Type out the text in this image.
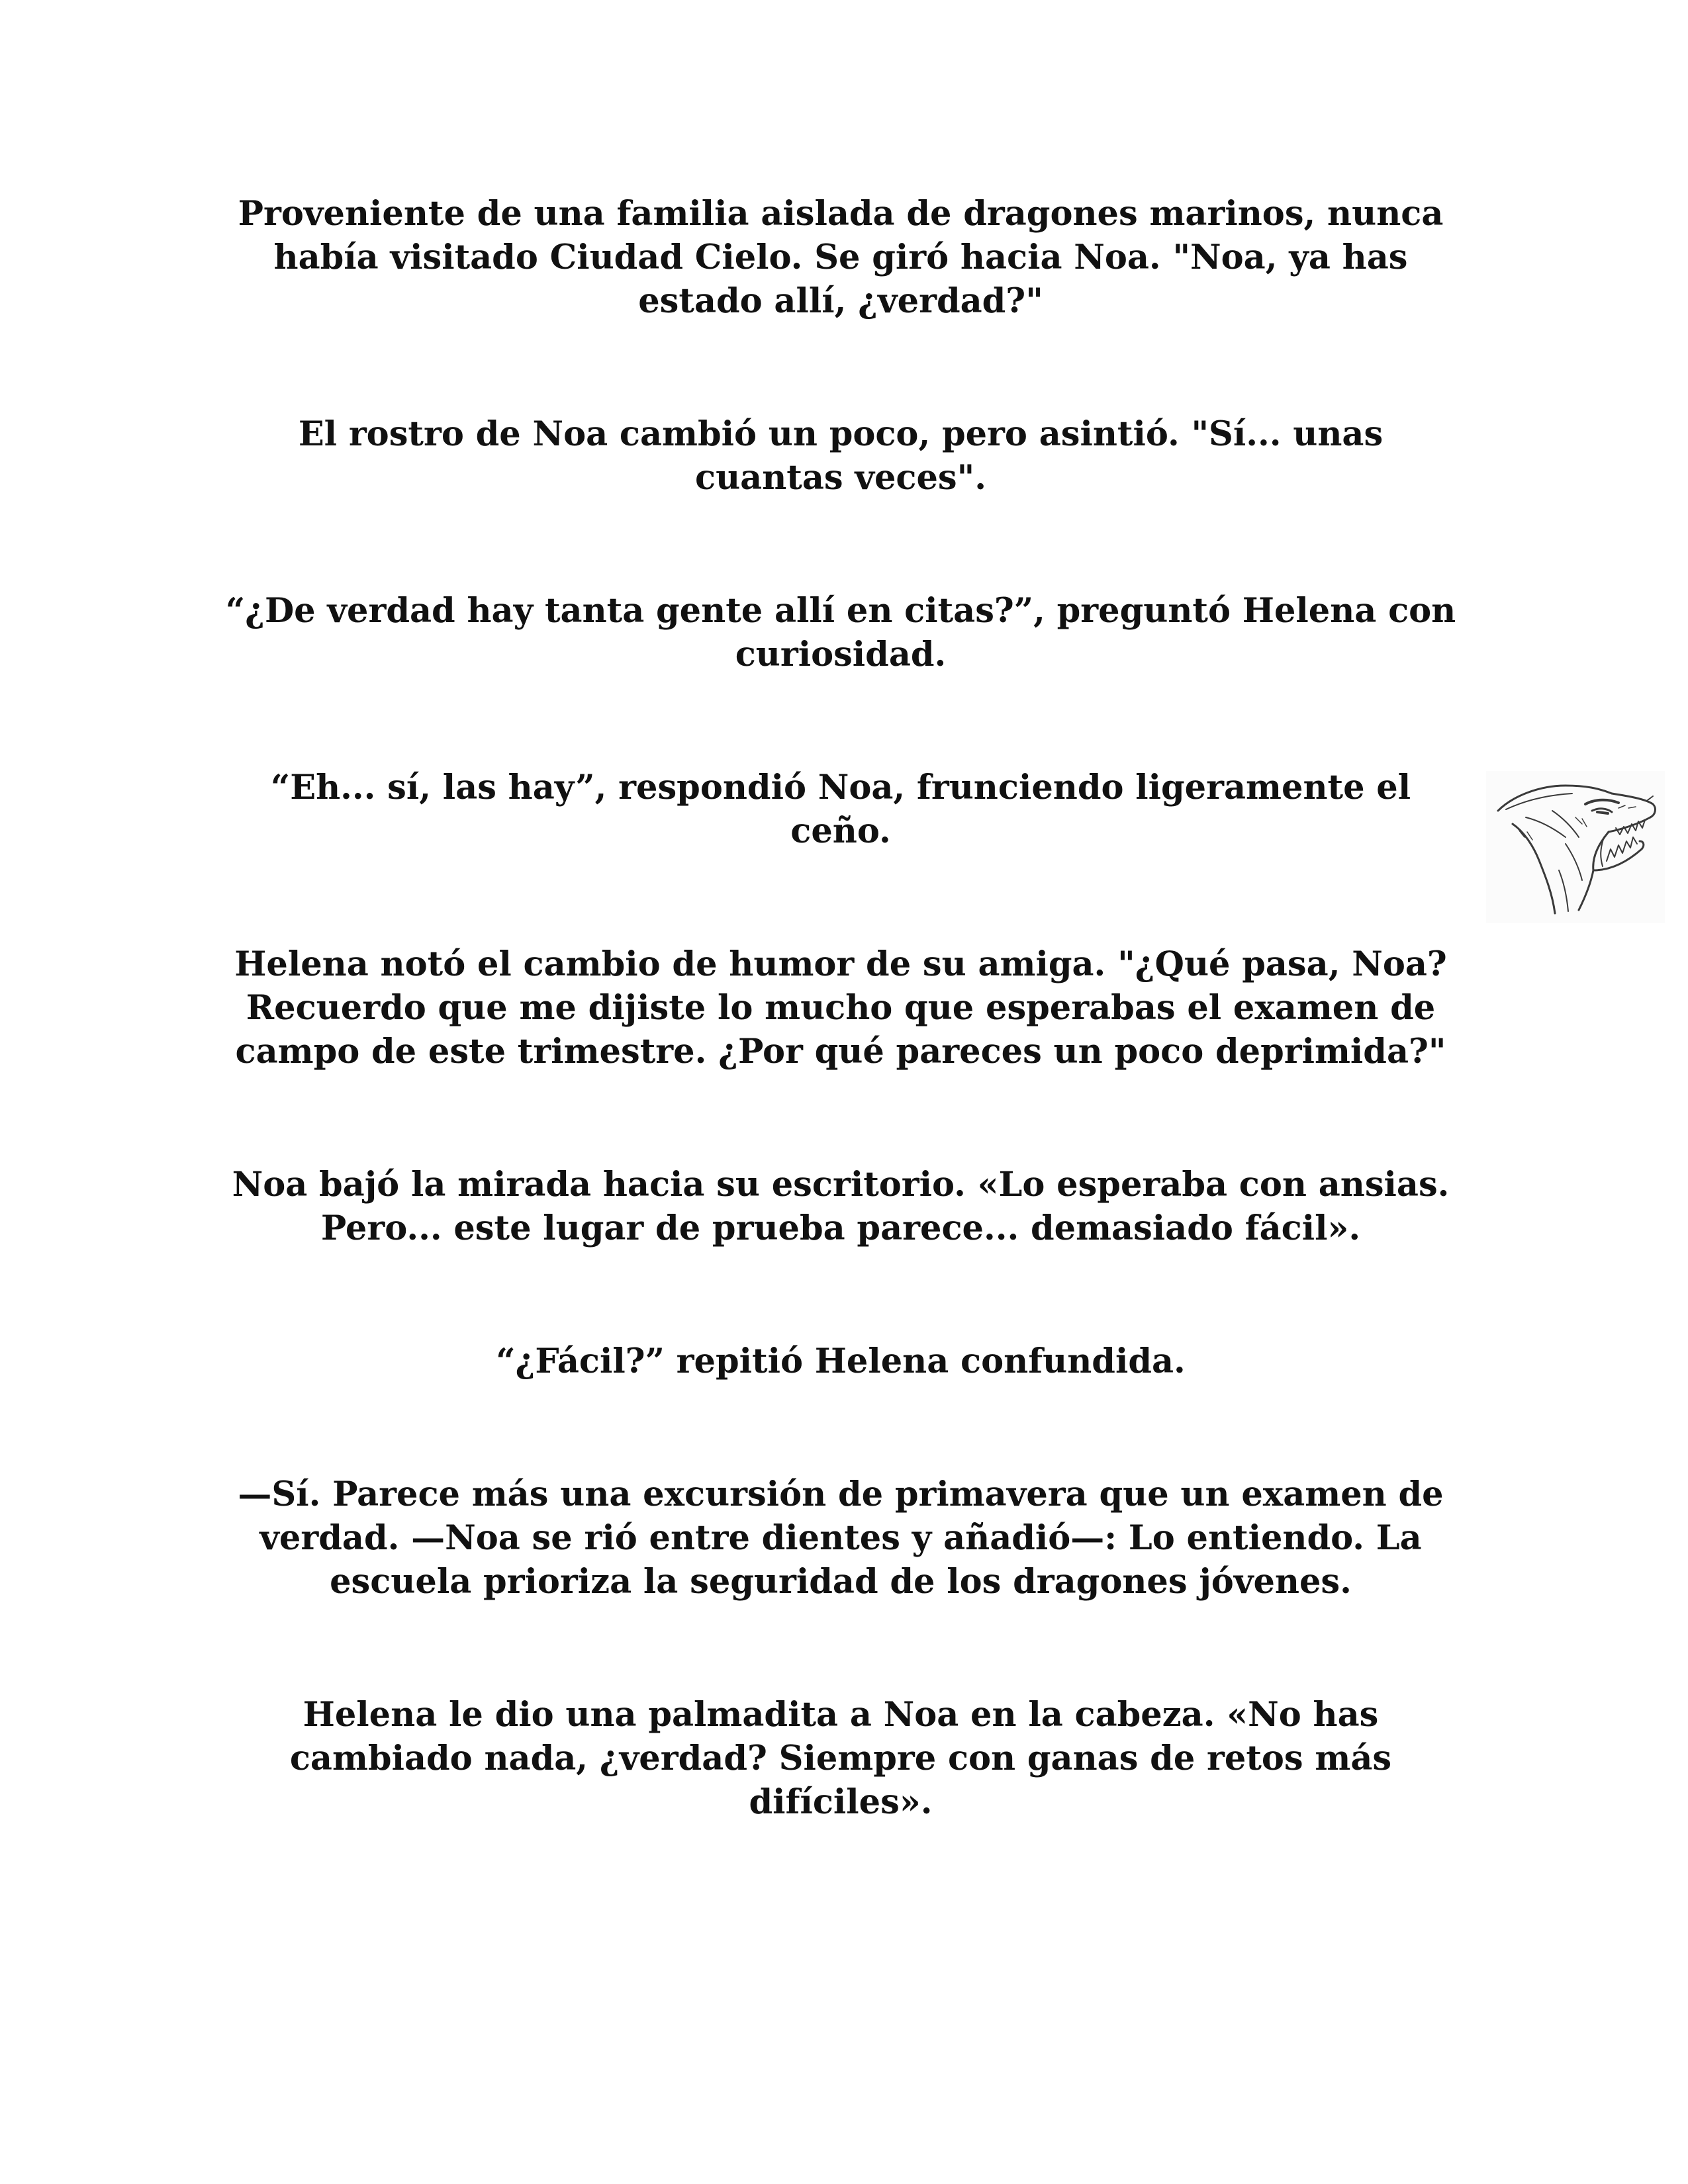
Proveniente de una familia aislada de dragones marinos, nunca había visitado Ciudad Cielo. Se giró hacia Noa. "Noa, ya has estado allí, ¿verdad?"

El rostro de Noa cambió un poco, pero asintió. "Sí... unas cuantas veces".

“¿De verdad hay tanta gente allí en citas?”, preguntó Helena con curiosidad.

“Eh... sí, las hay”, respondió Noa, frunciendo ligeramente el ceño.

Helena notó el cambio de humor de su amiga. "¿Qué pasa, Noa? Recuerdo que me dijiste lo mucho que esperabas el examen de campo de este trimestre. ¿Por qué pareces un poco deprimida?"

Noa bajó la mirada hacia su escritorio. «Lo esperaba con ansias. Pero... este lugar de prueba parece... demasiado fácil».

“¿Fácil?” repitió Helena confundida.

—Sí. Parece más una excursión de primavera que un examen de verdad. —Noa se rió entre dientes y añadió—: Lo entiendo. La escuela prioriza la seguridad de los dragones jóvenes.

Helena le dio una palmadita a Noa en la cabeza. «No has cambiado nada, ¿verdad? Siempre con ganas de retos más difíciles».
